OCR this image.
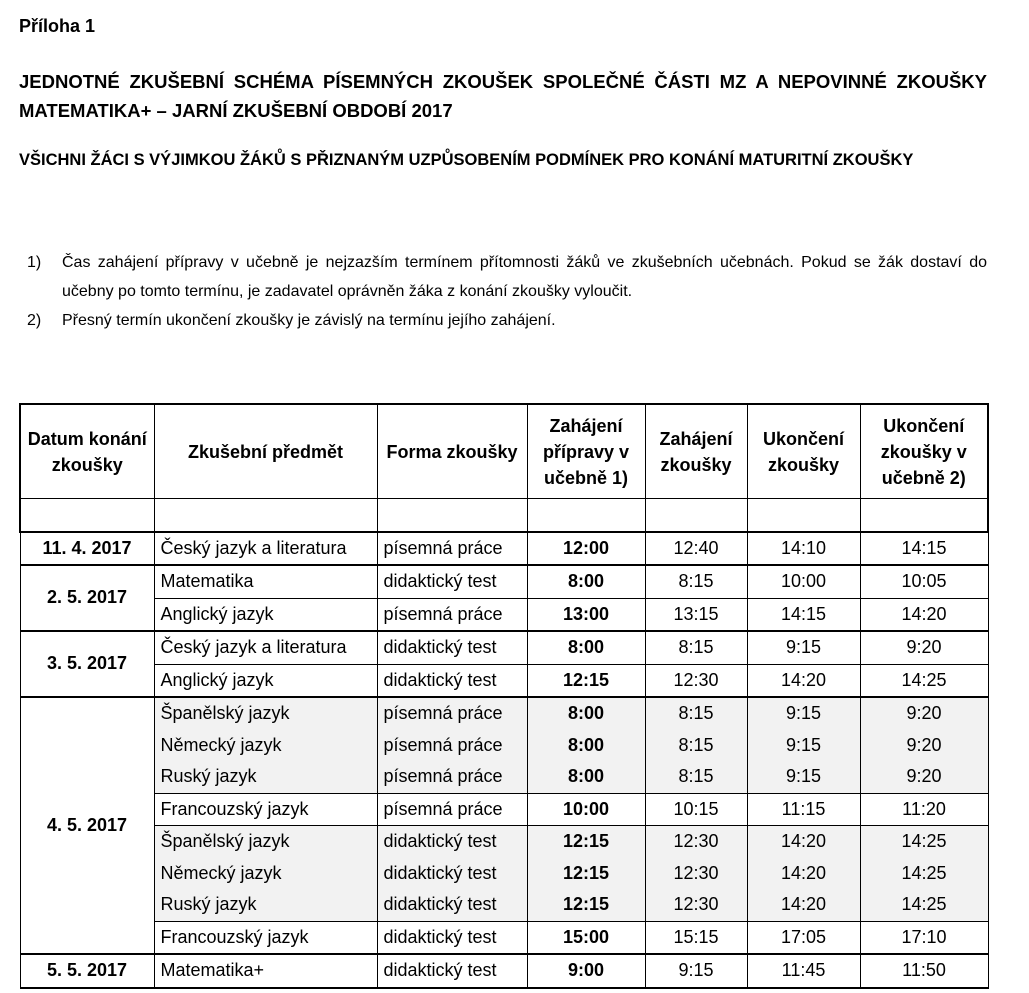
Příloha 1
JEDNOTNÉ ZKUŠEBNÍ SCHÉMA PÍSEMNÝCH ZKOUŠEK SPOLEČNÉ ČÁSTI MZ A NEPOVINNÉ ZKOUŠKY MATEMATIKA+ – JARNÍ ZKUŠEBNÍ OBDOBÍ 2017
VŠICHNI ŽÁCI S VÝJIMKOU ŽÁKŮ S PŘIZNANÝM UZPŮSOBENÍM PODMÍNEK PRO KONÁNÍ MATURITNÍ ZKOUŠKY
1) Čas zahájení přípravy v učebně je nejzazším termínem přítomnosti žáků ve zkušebních učebnách. Pokud se žák dostaví do učebny po tomto termínu, je zadavatel oprávněn žáka z konání zkoušky vyloučit.
2) Přesný termín ukončení zkoušky je závislý na termínu jejího zahájení.
Datum konání zkoušky	Zkušební předmět	Forma zkoušky	Zahájení přípravy v učebně 1)	Zahájení zkoušky	Ukončení zkoušky	Ukončení zkoušky v učebně 2)

11. 4. 2017	Český jazyk a literatura	písemná práce	12:00	12:40	14:10	14:15
2. 5. 2017	Matematika	didaktický test	8:00	8:15	10:00	10:05
	Anglický jazyk	písemná práce	13:00	13:15	14:15	14:20
3. 5. 2017	Český jazyk a literatura	didaktický test	8:00	8:15	9:15	9:20
	Anglický jazyk	didaktický test	12:15	12:30	14:20	14:25
4. 5. 2017	Španělský jazyk	písemná práce	8:00	8:15	9:15	9:20
	Německý jazyk	písemná práce	8:00	8:15	9:15	9:20
	Ruský jazyk	písemná práce	8:00	8:15	9:15	9:20
	Francouzský jazyk	písemná práce	10:00	10:15	11:15	11:20
	Španělský jazyk	didaktický test	12:15	12:30	14:20	14:25
	Německý jazyk	didaktický test	12:15	12:30	14:20	14:25
	Ruský jazyk	didaktický test	12:15	12:30	14:20	14:25
	Francouzský jazyk	didaktický test	15:00	15:15	17:05	17:10
5. 5. 2017	Matematika+	didaktický test	9:00	9:15	11:45	11:50
